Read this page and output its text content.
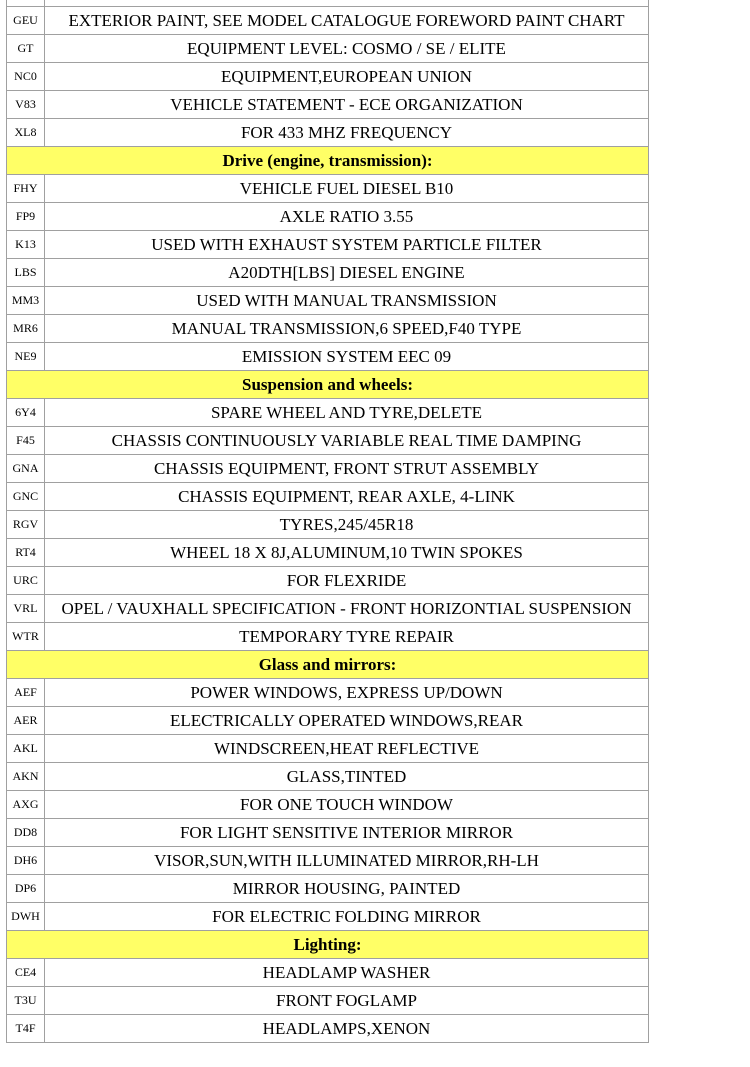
GEU	EXTERIOR PAINT, SEE MODEL CATALOGUE FOREWORD PAINT CHART
GT	EQUIPMENT LEVEL: COSMO / SE / ELITE
NC0	EQUIPMENT,EUROPEAN UNION
V83	VEHICLE STATEMENT - ECE ORGANIZATION
XL8	FOR 433 MHZ FREQUENCY
Drive (engine, transmission):	
FHY	VEHICLE FUEL DIESEL B10
FP9	AXLE RATIO 3.55
K13	USED WITH EXHAUST SYSTEM PARTICLE FILTER
LBS	A20DTH[LBS] DIESEL ENGINE
MM3	USED WITH MANUAL TRANSMISSION
MR6	MANUAL TRANSMISSION,6 SPEED,F40 TYPE
NE9	EMISSION SYSTEM EEC 09
Suspension and wheels:	
6Y4	SPARE WHEEL AND TYRE,DELETE
F45	CHASSIS CONTINUOUSLY VARIABLE REAL TIME DAMPING
GNA	CHASSIS EQUIPMENT, FRONT STRUT ASSEMBLY
GNC	CHASSIS EQUIPMENT, REAR AXLE, 4-LINK
RGV	TYRES,245/45R18
RT4	WHEEL 18 X 8J,ALUMINUM,10 TWIN SPOKES
URC	FOR FLEXRIDE
VRL	OPEL / VAUXHALL SPECIFICATION - FRONT HORIZONTIAL SUSPENSION
WTR	TEMPORARY TYRE REPAIR
Glass and mirrors:	
AEF	POWER WINDOWS, EXPRESS UP/DOWN
AER	ELECTRICALLY OPERATED WINDOWS,REAR
AKL	WINDSCREEN,HEAT REFLECTIVE
AKN	GLASS,TINTED
AXG	FOR ONE TOUCH WINDOW
DD8	FOR LIGHT SENSITIVE INTERIOR MIRROR
DH6	VISOR,SUN,WITH ILLUMINATED MIRROR,RH-LH
DP6	MIRROR HOUSING, PAINTED
DWH	FOR ELECTRIC FOLDING MIRROR
Lighting:	
CE4	HEADLAMP WASHER
T3U	FRONT FOGLAMP
T4F	HEADLAMPS,XENON
